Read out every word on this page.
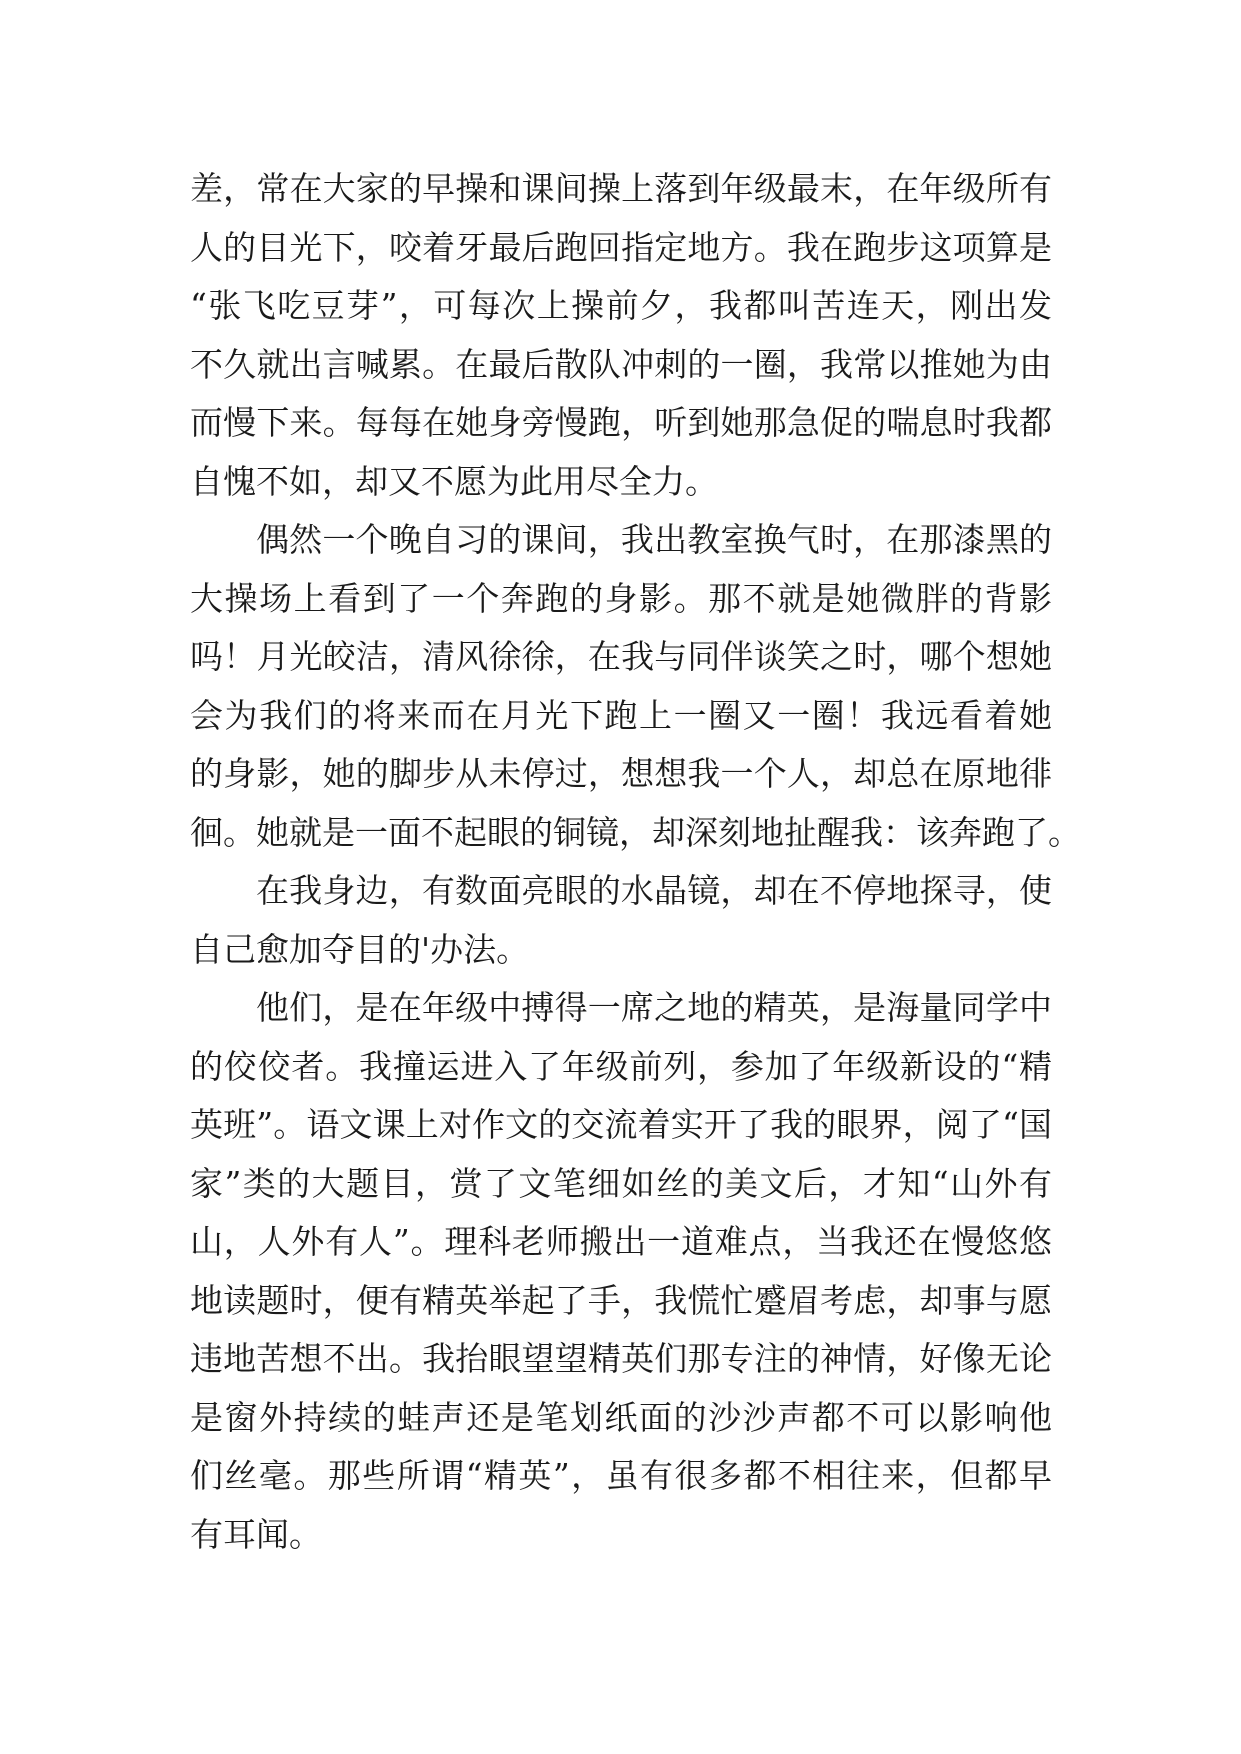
差，常在大家的早操和课间操上落到年级最末，在年级所有
人的目光下，咬着牙最后跑回指定地方。我在跑步这项算是
“张飞吃豆芽”，可每次上操前夕，我都叫苦连天，刚出发
不久就出言喊累。在最后散队冲刺的一圈，我常以推她为由
而慢下来。每每在她身旁慢跑，听到她那急促的喘息时我都
自愧不如，却又不愿为此用尽全力。
偶然一个晚自习的课间，我出教室换气时，在那漆黑的
大操场上看到了一个奔跑的身影。那不就是她微胖的背影
吗！月光皎洁，清风徐徐，在我与同伴谈笑之时，哪个想她
会为我们的将来而在月光下跑上一圈又一圈！我远看着她
的身影，她的脚步从未停过，想想我一个人，却总在原地徘
徊。她就是一面不起眼的铜镜，却深刻地扯醒我：该奔跑了。
在我身边，有数面亮眼的水晶镜，却在不停地探寻，使
自己愈加夺目的'办法。
他们，是在年级中搏得一席之地的精英，是海量同学中
的佼佼者。我撞运进入了年级前列，参加了年级新设的“精
英班”。语文课上对作文的交流着实开了我的眼界，阅了“国
家”类的大题目，赏了文笔细如丝的美文后，才知“山外有
山，人外有人”。理科老师搬出一道难点，当我还在慢悠悠
地读题时，便有精英举起了手，我慌忙蹙眉考虑，却事与愿
违地苦想不出。我抬眼望望精英们那专注的神情，好像无论
是窗外持续的蛙声还是笔划纸面的沙沙声都不可以影响他
们丝毫。那些所谓“精英”，虽有很多都不相往来，但都早
有耳闻。
